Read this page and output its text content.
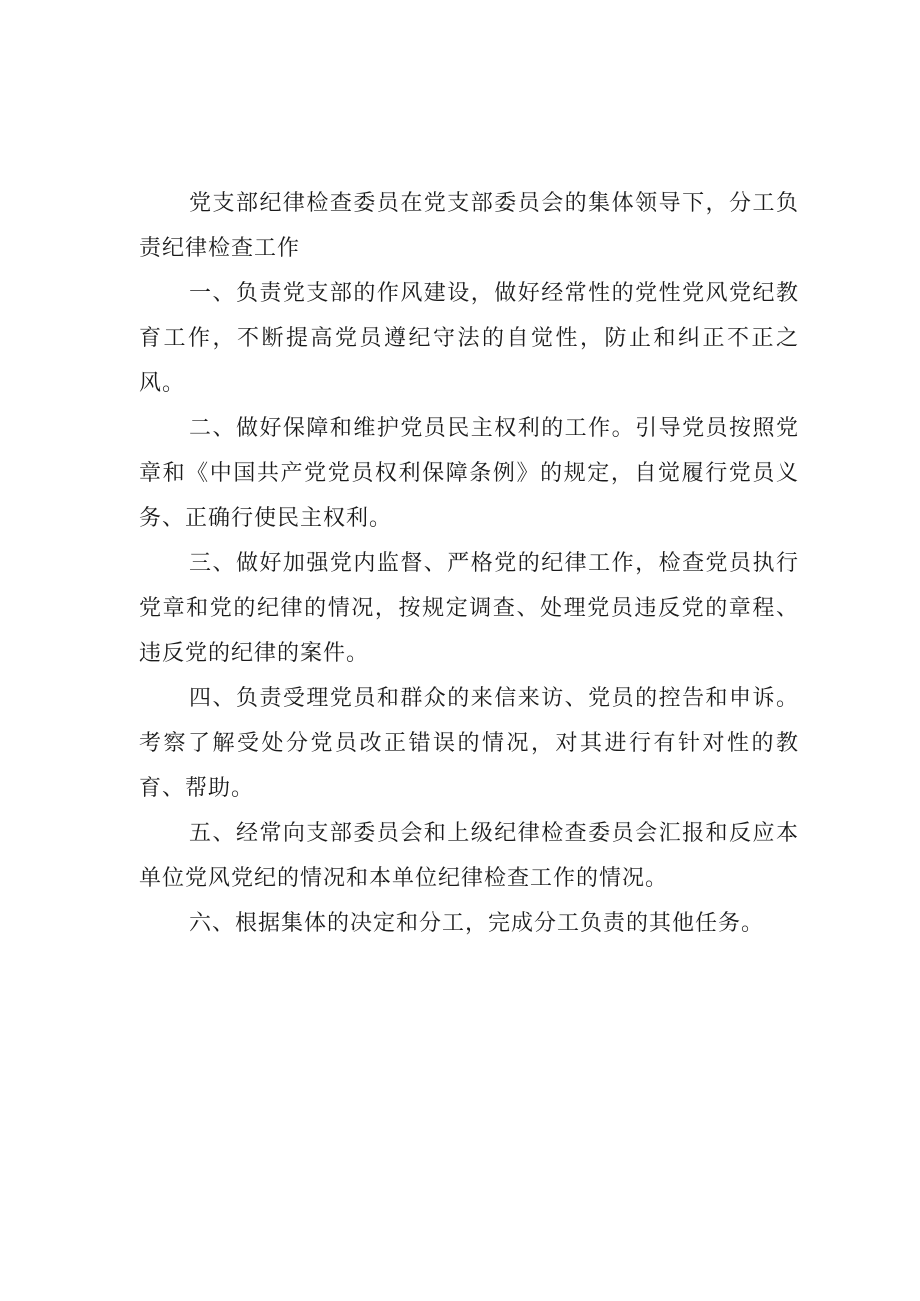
党支部纪律检查委员在党支部委员会的集体领导下，分工负责纪律检查工作

一、负责党支部的作风建设，做好经常性的党性党风党纪教育工作，不断提高党员遵纪守法的自觉性，防止和纠正不正之风。

二、做好保障和维护党员民主权利的工作。引导党员按照党章和《中国共产党党员权利保障条例》的规定，自觉履行党员义务、正确行使民主权利。

三、做好加强党内监督、严格党的纪律工作，检查党员执行党章和党的纪律的情况，按规定调查、处理党员违反党的章程、违反党的纪律的案件。

四、负责受理党员和群众的来信来访、党员的控告和申诉。考察了解受处分党员改正错误的情况，对其进行有针对性的教育、帮助。

五、经常向支部委员会和上级纪律检查委员会汇报和反应本单位党风党纪的情况和本单位纪律检查工作的情况。

六、根据集体的决定和分工，完成分工负责的其他任务。
